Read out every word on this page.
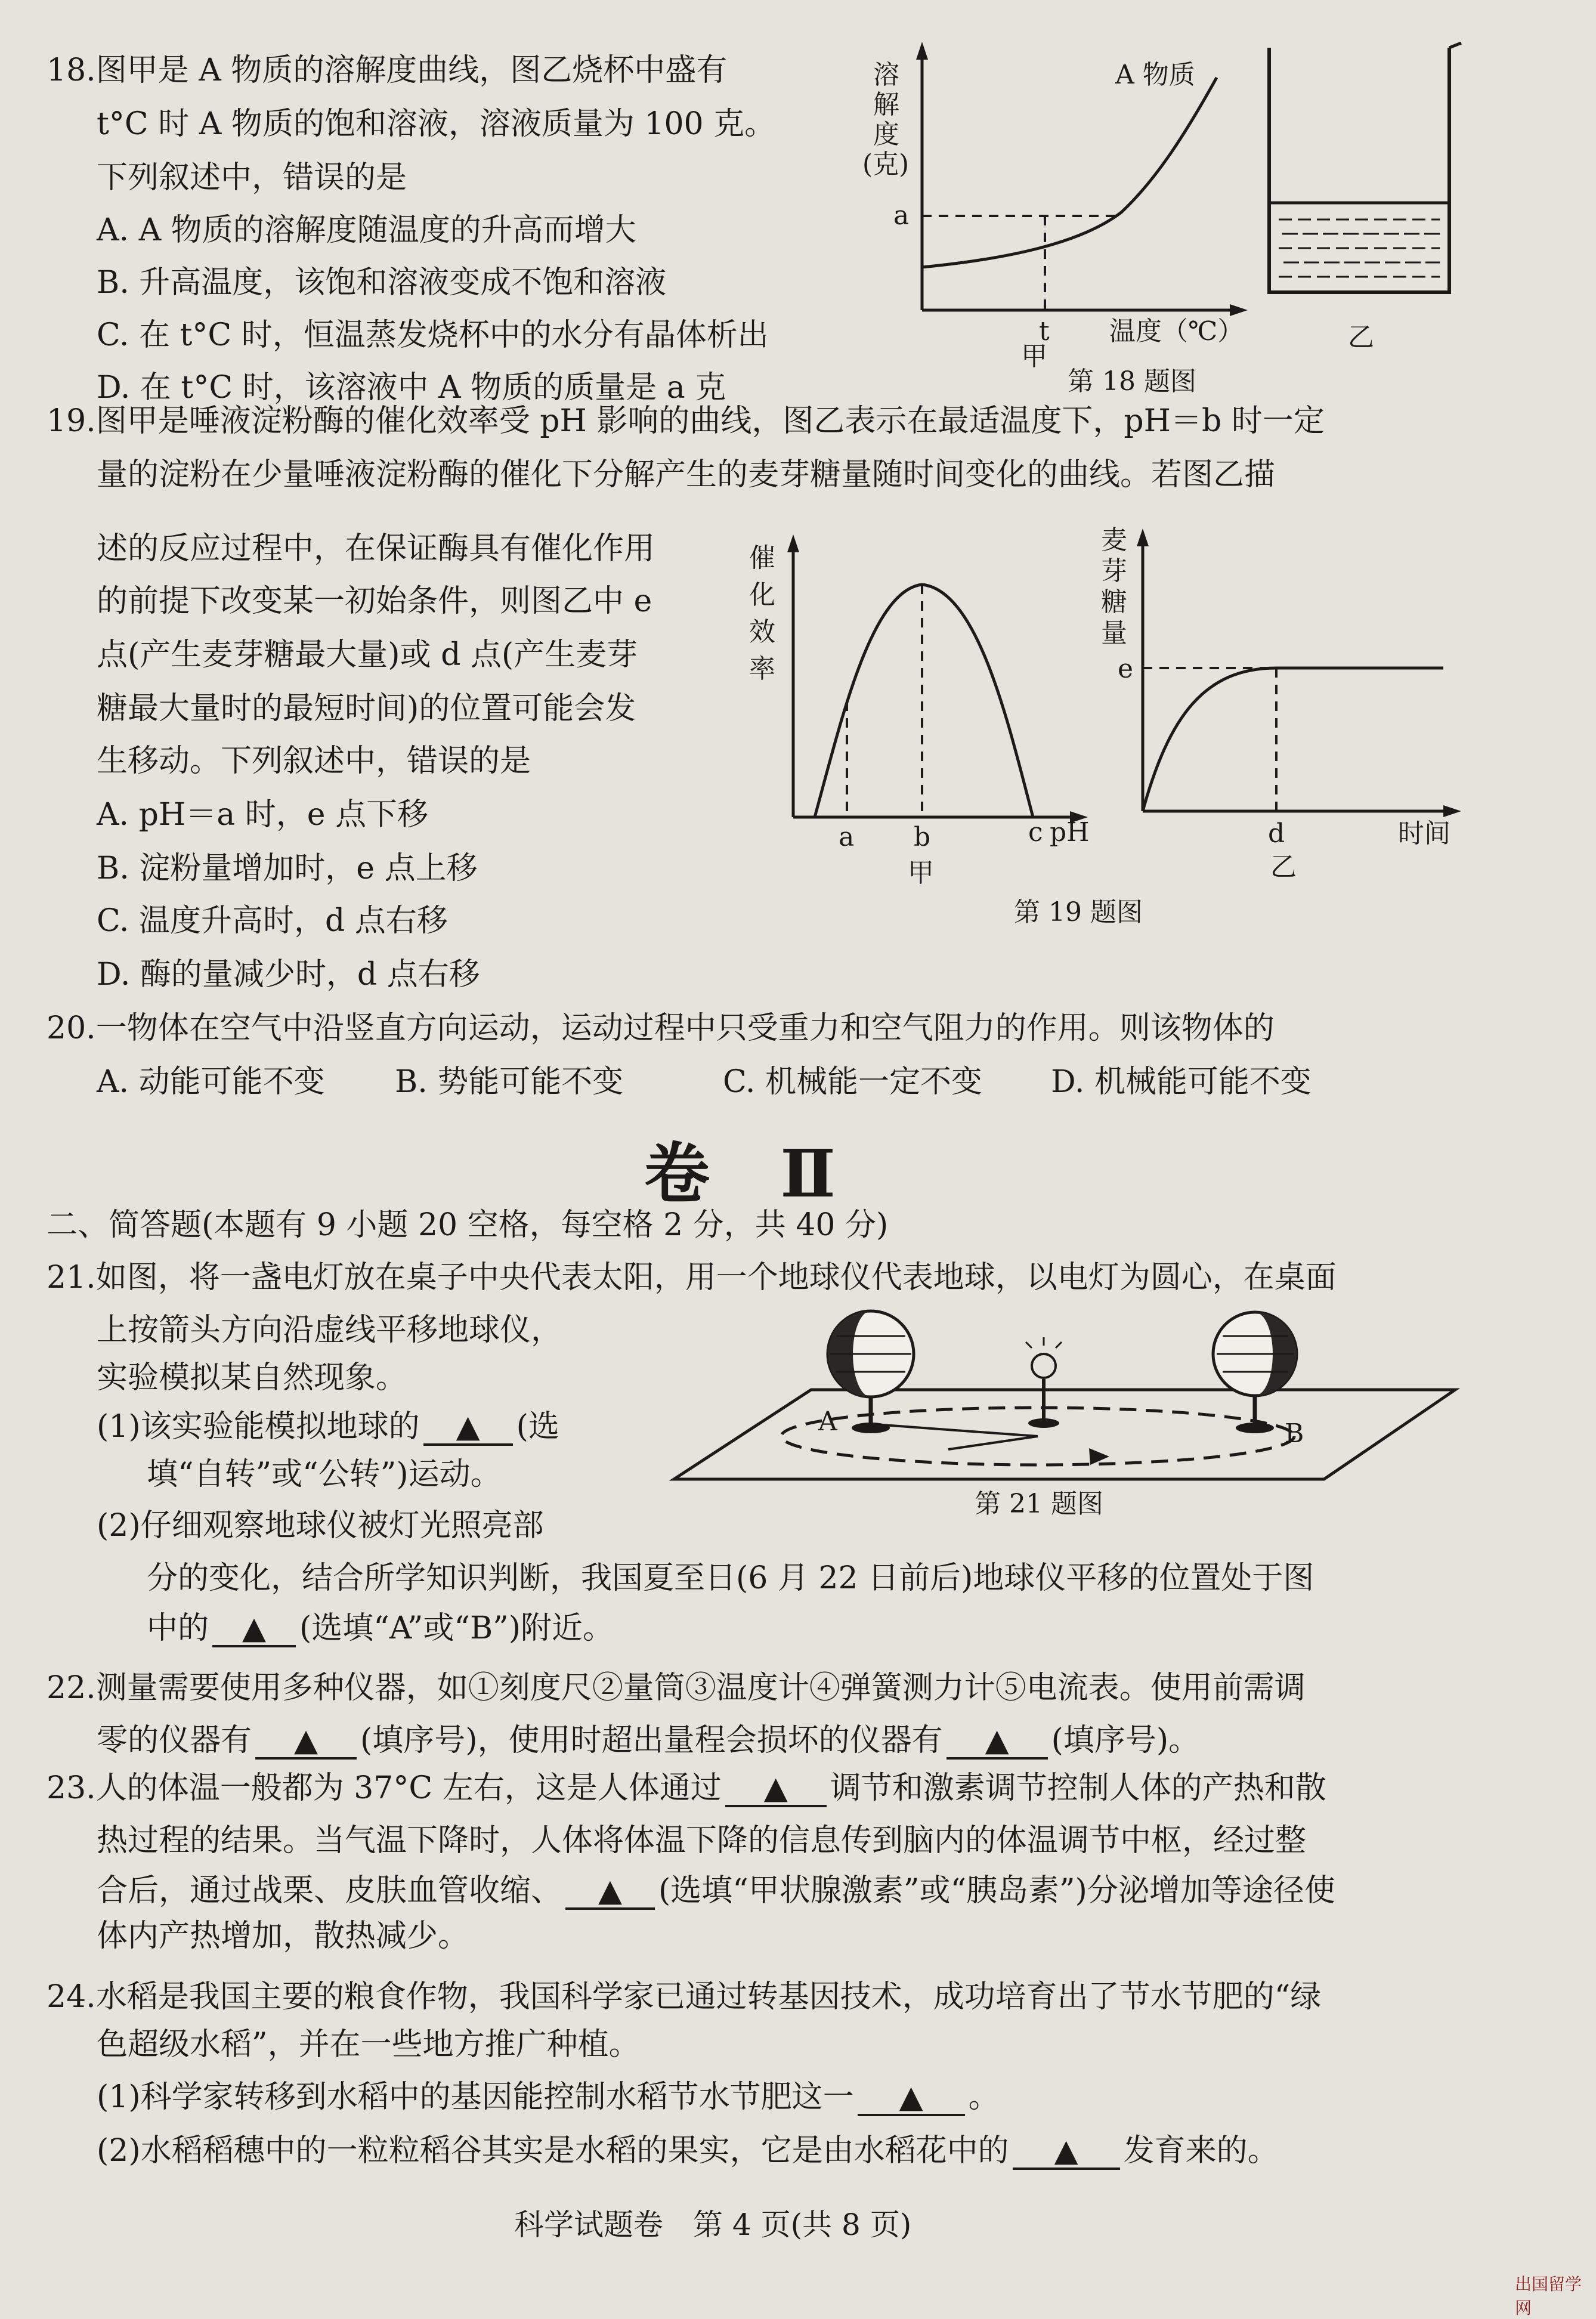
18.图甲是 A 物质的溶解度曲线，图乙烧杯中盛有
t°C 时 A 物质的饱和溶液，溶液质量为 100 克。
下列叙述中，错误的是
A. A 物质的溶解度随温度的升高而增大
B. 升高温度，该饱和溶液变成不饱和溶液
C. 在 t°C 时，恒温蒸发烧杯中的水分有晶体析出
D. 在 t°C 时，该溶液中 A 物质的质量是 a 克
溶
解
度
(克)
a
t
A 物质
温度（℃）
甲
乙
第 18 题图
19.图甲是唾液淀粉酶的催化效率受 pH 影响的曲线，图乙表示在最适温度下，pH＝b 时一定
量的淀粉在少量唾液淀粉酶的催化下分解产生的麦芽糖量随时间变化的曲线。若图乙描
述的反应过程中，在保证酶具有催化作用
的前提下改变某一初始条件，则图乙中 e
点(产生麦芽糖最大量)或 d 点(产生麦芽
糖最大量时的最短时间)的位置可能会发
生移动。下列叙述中，错误的是
A. pH＝a 时，e 点下移
B. 淀粉量增加时，e 点上移
C. 温度升高时，d 点右移
D. 酶的量减少时，d 点右移
催
化
效
率
a b	c pH
甲
麦
芽
糖
量
e
d	时间
乙
第 19 题图
20.一物体在空气中沿竖直方向运动，运动过程中只受重力和空气阻力的作用。则该物体的
A. 动能可能不变 B. 势能可能不变	C. 机械能一定不变 D. 机械能可能不变
卷 Ⅱ
二、简答题(本题有 9 小题 20 空格，每空格 2 分，共 40 分)
21.如图，将一盏电灯放在桌子中央代表太阳，用一个地球仪代表地球，以电灯为圆心，在桌面
上按箭头方向沿虚线平移地球仪，
实验模拟某自然现象。
(1)该实验能模拟地球的 ▲ (选
填“自转”或“公转”)运动。
(2)仔细观察地球仪被灯光照亮部
分的变化，结合所学知识判断，我国夏至日(6 月 22 日前后)地球仪平移的位置处于图
中的 ▲ (选填“A”或“B”)附近。
A	B
第 21 题图
22.测量需要使用多种仪器，如①刻度尺②量筒③温度计④弹簧测力计⑤电流表。使用前需调
零的仪器有 ▲ (填序号)，使用时超出量程会损坏的仪器有 ▲ (填序号)。
23.人的体温一般都为 37°C 左右，这是人体通过 ▲ 调节和激素调节控制人体的产热和散
热过程的结果。当气温下降时，人体将体温下降的信息传到脑内的体温调节中枢，经过整
合后，通过战栗、皮肤血管收缩、 ▲ (选填“甲状腺激素”或“胰岛素”)分泌增加等途径使
体内产热增加，散热减少。
24.水稻是我国主要的粮食作物，我国科学家已通过转基因技术，成功培育出了节水节肥的“绿
色超级水稻”，并在一些地方推广种植。
(1)科学家转移到水稻中的基因能控制水稻节水节肥这一 ▲ 。
(2)水稻稻穗中的一粒粒稻谷其实是水稻的果实，它是由水稻花中的 ▲ 发育来的。
科学试题卷　第 4 页(共 8 页)
出国留学网
